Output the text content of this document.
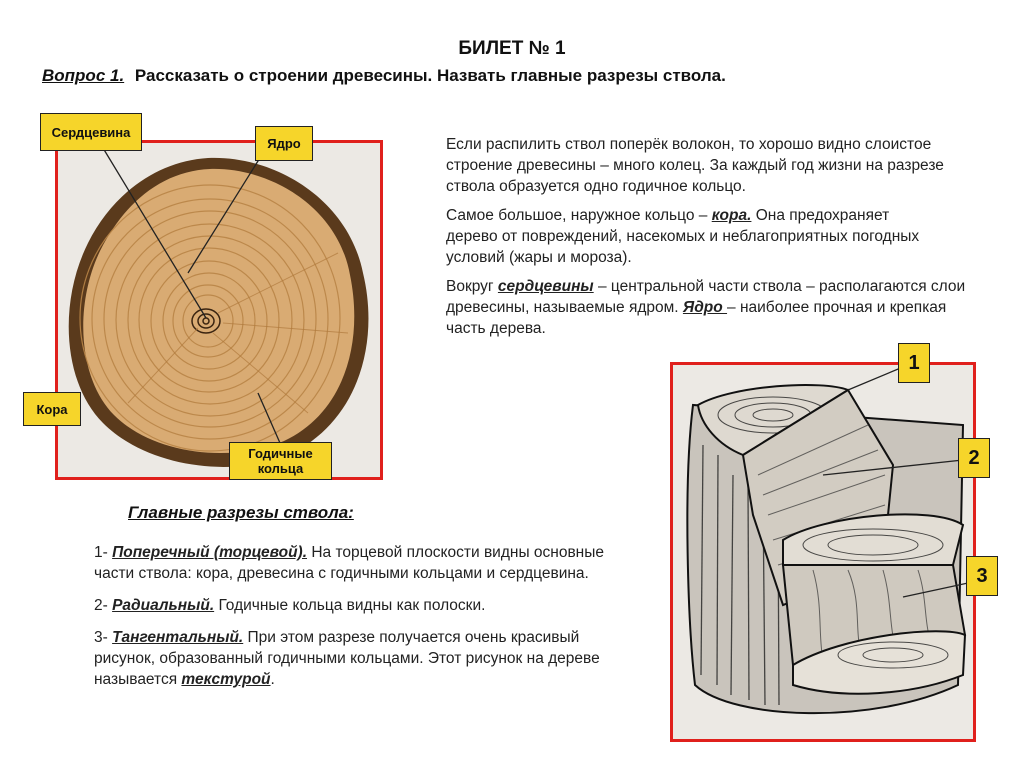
БИЛЕТ № 1
Вопрос 1. Рассказать о строении древесины. Назвать главные разрезы ствола.
Сердцевина
Ядро
Кора
Годичные
кольца

Если распилить ствол поперёк волокон, то хорошо видно слоистое строение древесины – много колец. За каждый год жизни на разрезе ствола образуется одно годичное кольцо.

Самое большое, наружное кольцо – кора. Она предохраняет дерево от повреждений, насекомых и неблагоприятных погодных условий (жары и мороза).

Вокруг сердцевины – центральной части ствола – располагаются слои древесины, называемые ядром. Ядро – наиболее прочная и крепкая часть дерева.

1
2
3
Главные разрезы ствола:

1- Поперечный (торцевой). На торцевой плоскости видны основные части ствола: кора, древесина с годичными кольцами и сердцевина.

2- Радиальный. Годичные кольца видны как полоски.

3- Тангентальный. При этом разрезе получается очень красивый рисунок, образованный годичными кольцами. Этот рисунок на дереве называется текстурой.
